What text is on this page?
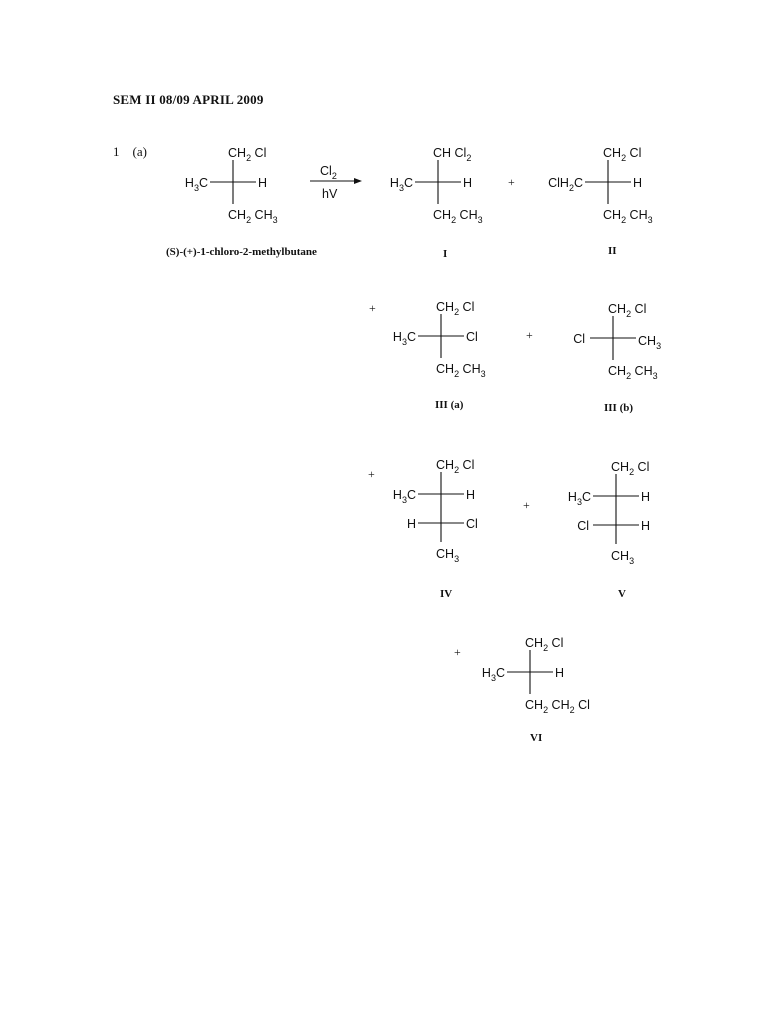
SEM II 08/09 APRIL 2009
1 (a)	$CH_2$ Cl
$H_3C$	H
$CH_2$ $CH_3$
(S)-(+)-1-chloro-2-methylbutane
$Cl_2$
hV
CH $Cl_2$
$H_3C$	H
$CH_2$ $CH_3$
I
+
$CH_2$ Cl
ClH$_2$C	H
$CH_2$ $CH_3$
II
+	$CH_2$ Cl
$H_3C$	Cl
$CH_2$ $CH_3$
III (a)
+
$CH_2$ Cl
Cl	$CH_3$
$CH_2$ $CH_3$
III (b)
+
$CH_2$ Cl
$H_3C$	H
H	Cl
$CH_3$
IV
+
$CH_2$ Cl
$H_3C$	H
Cl	H
$CH_3$
V
+
$CH_2$ Cl
$H_3C$	H
$CH_2$ $CH_2$ Cl
VI
